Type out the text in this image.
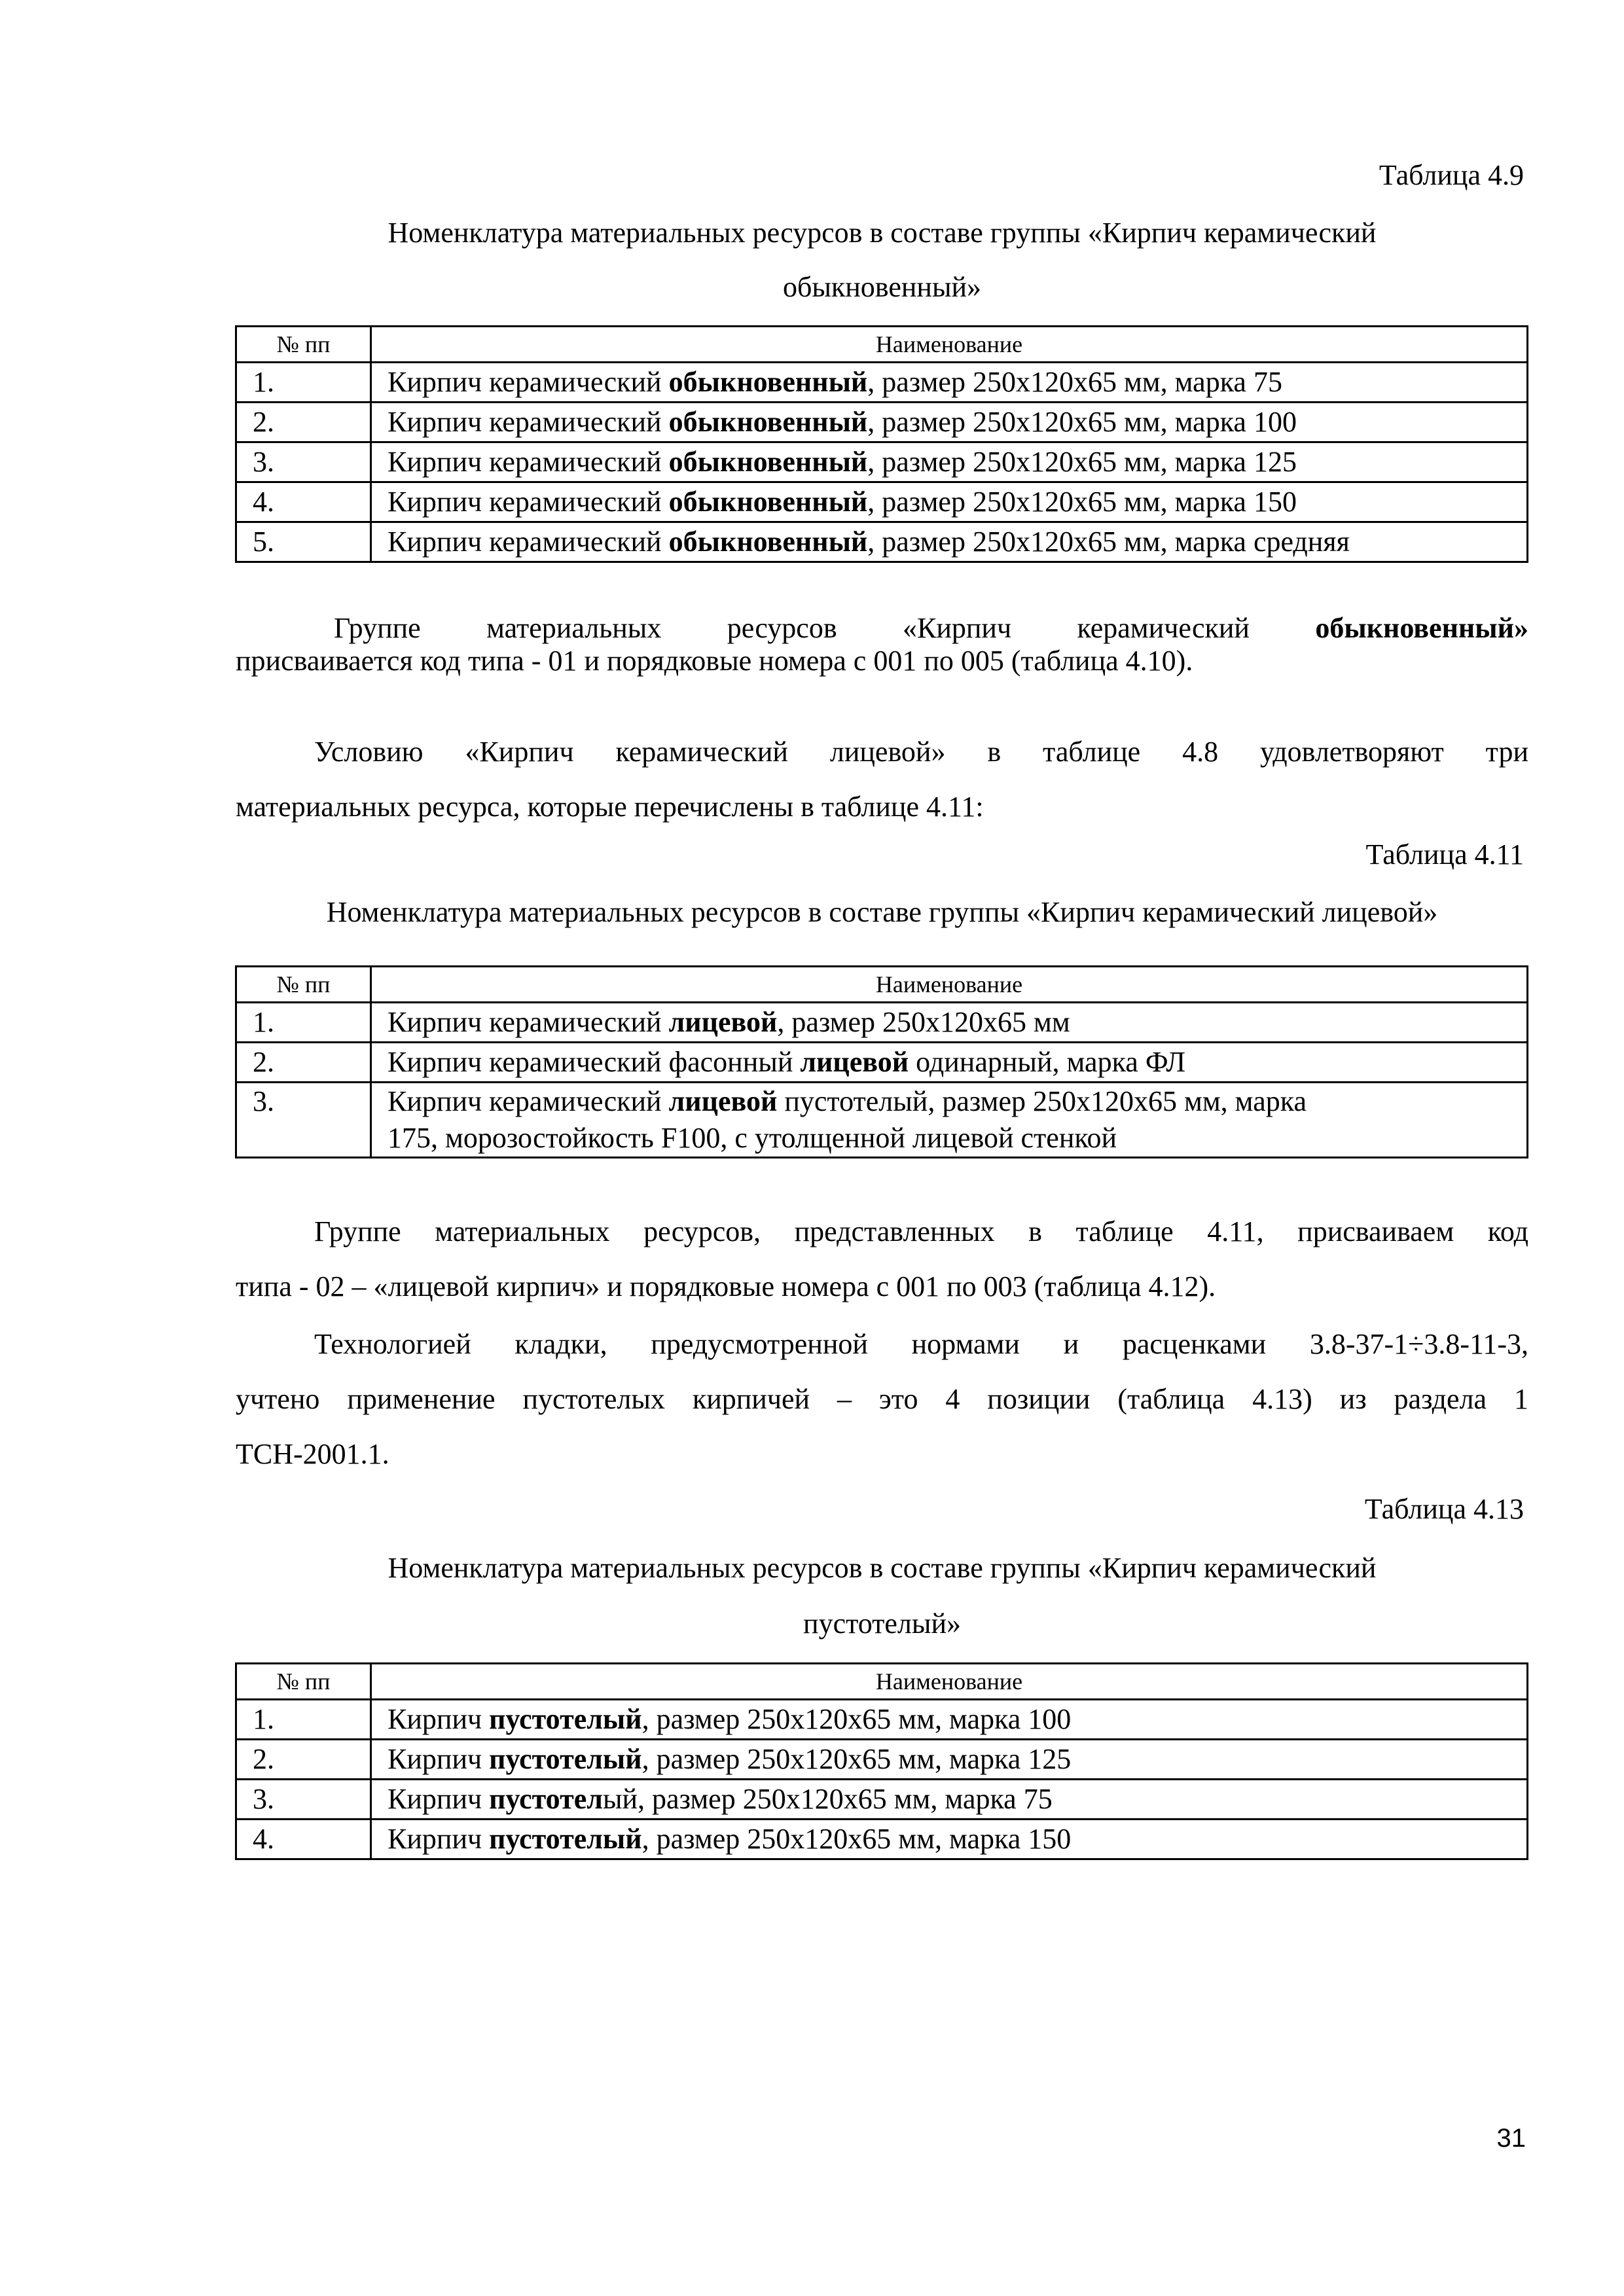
Таблица 4.9
Номенклатура материальных ресурсов в составе группы «Кирпич керамический
обыкновенный»
№ пп	Наименование
1.	Кирпич керамический обыкновенный, размер 250х120х65 мм, марка 75
2.	Кирпич керамический обыкновенный, размер 250х120х65 мм, марка 100
3.	Кирпич керамический обыкновенный, размер 250х120х65 мм, марка 125
4.	Кирпич керамический обыкновенный, размер 250х120х65 мм, марка 150
5.	Кирпич керамический обыкновенный, размер 250х120х65 мм, марка средняя
Группе материальных ресурсов «Кирпич керамический обыкновенный»
присваивается код типа - 01 и порядковые номера с 001 по 005 (таблица 4.10).
Условию «Кирпич керамический лицевой» в таблице 4.8 удовлетворяют три
материальных ресурса, которые перечислены в таблице 4.11:
Таблица 4.11
Номенклатура материальных ресурсов в составе группы «Кирпич керамический лицевой»
№ пп	Наименование
1.	Кирпич керамический лицевой, размер 250х120х65 мм
2.	Кирпич керамический фасонный лицевой одинарный, марка ФЛ
3.	Кирпич керамический лицевой пустотелый, размер 250х120х65 мм, марка
175, морозостойкость F100, с утолщенной лицевой стенкой
Группе материальных ресурсов, представленных в таблице 4.11, присваиваем код
типа - 02 – «лицевой кирпич» и порядковые номера с 001 по 003 (таблица 4.12).
Технологией кладки, предусмотренной нормами и расценками 3.8-37-1÷3.8-11-3,
учтено применение пустотелых кирпичей – это 4 позиции (таблица 4.13) из раздела 1
ТСН-2001.1.
Таблица 4.13
Номенклатура материальных ресурсов в составе группы «Кирпич керамический
пустотелый»
№ пп	Наименование
1.	Кирпич пустотелый, размер 250х120х65 мм, марка 100
2.	Кирпич пустотелый, размер 250х120х65 мм, марка 125
3.	Кирпич пустотелый, размер 250х120х65 мм, марка 75
4.	Кирпич пустотелый, размер 250х120х65 мм, марка 150
31
